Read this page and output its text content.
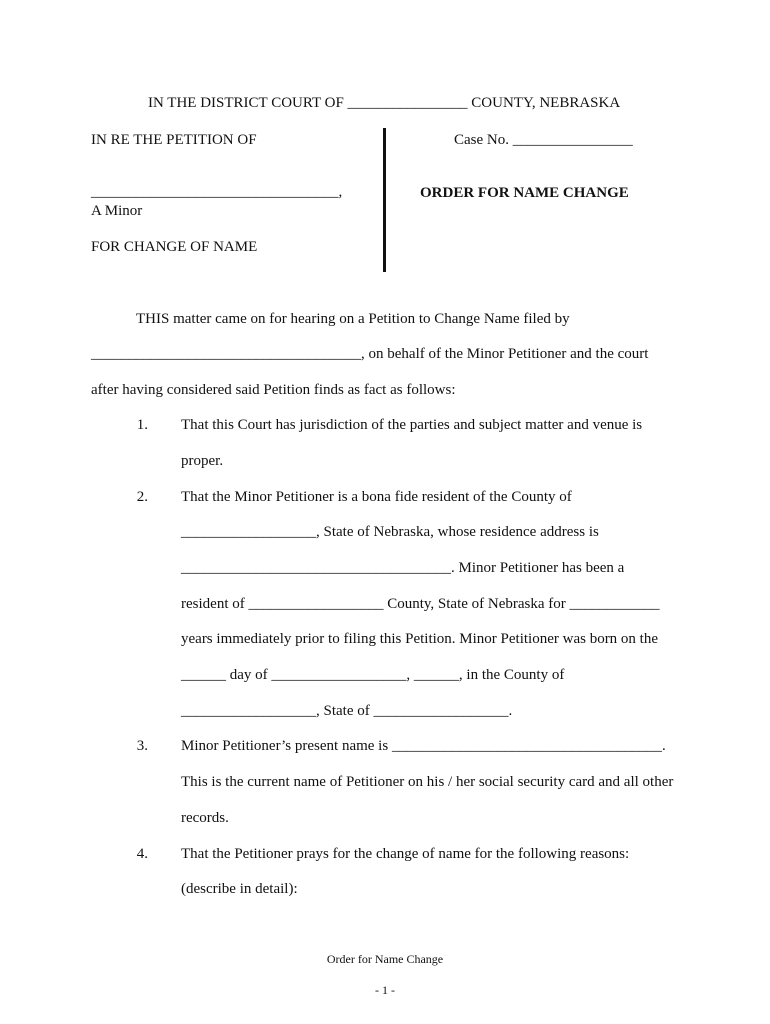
IN THE DISTRICT COURT OF ________________ COUNTY, NEBRASKA
IN RE THE PETITION OF
_________________________________,
A Minor
FOR CHANGE OF NAME
Case No. ________________
ORDER FOR NAME CHANGE
THIS matter came on for hearing on a Petition to Change Name filed by
____________________________________, on behalf of the Minor Petitioner and the court
after having considered said Petition finds as fact as follows:
1. That this Court has jurisdiction of the parties and subject matter and venue is
proper.
2. That the Minor Petitioner is a bona fide resident of the County of
__________________, State of Nebraska, whose residence address is
____________________________________. Minor Petitioner has been a
resident of __________________ County, State of Nebraska for ____________
years immediately prior to filing this Petition. Minor Petitioner was born on the
______ day of __________________, ______, in the County of
__________________, State of __________________.
3. Minor Petitioner’s present name is ____________________________________.
This is the current name of Petitioner on his / her social security card and all other
records.
4. That the Petitioner prays for the change of name for the following reasons:
(describe in detail):
Order for Name Change
- 1 -
